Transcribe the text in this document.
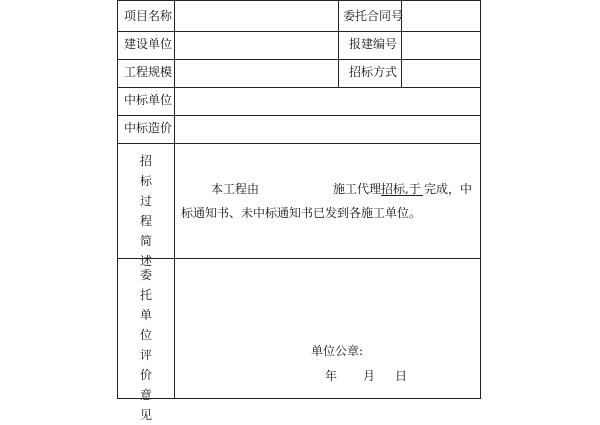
项目名称
建设单位
工程规模
中标单位
中标造价
委托合同号
报建编号
招标方式
招
标
过
程
简
述
本工程由	施工代理招标,于 完成，中
标通知书、未中标通知书已发到各施工单位。
委
托
单
位
评
价
意
见
单位公章:
年 月 日
